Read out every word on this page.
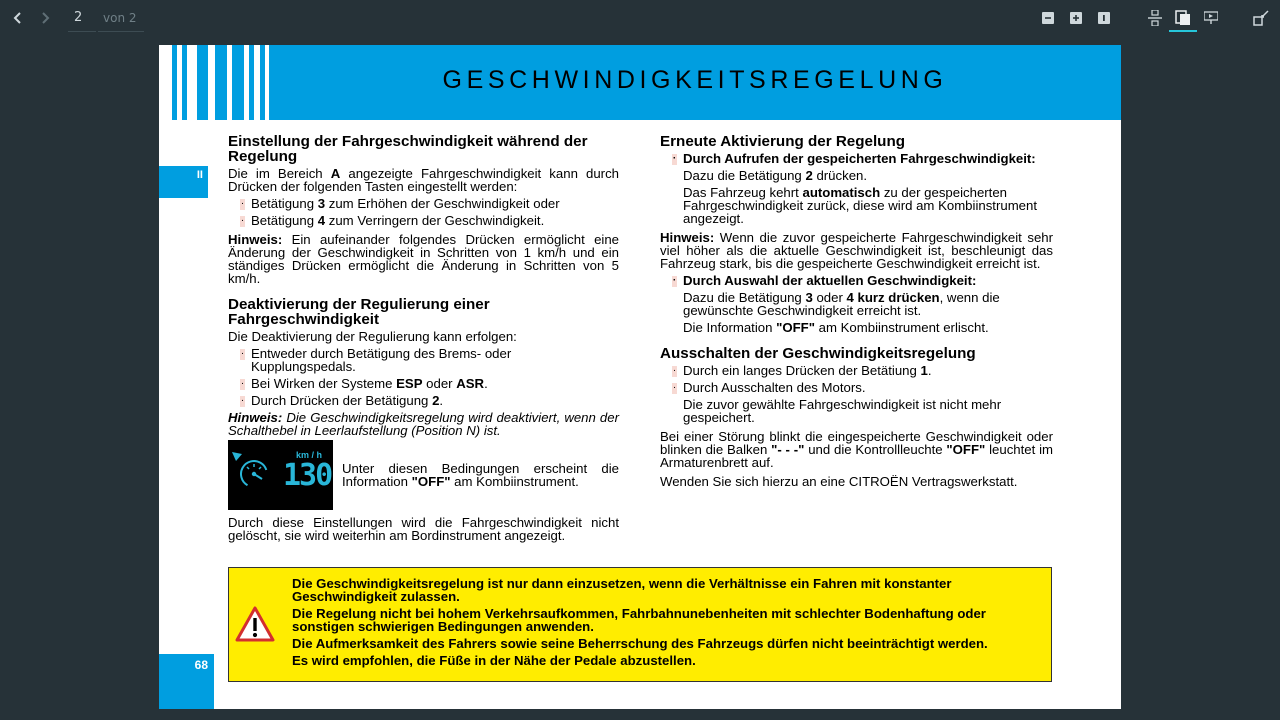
2	von 2
GESCHWINDIGKEITSREGELUNG
II
68
Einstellung der Fahrgeschwindigkeit während der Regelung

Die im Bereich A angezeigte Fahrgeschwindigkeit kann durch Drücken der folgenden Tasten eingestellt werden:

· Betätigung 3 zum Erhöhen der Geschwindigkeit oder

· Betätigung 4 zum Verringern der Geschwindigkeit.

Hinweis: Ein aufeinander folgendes Drücken ermöglicht eine Änderung der Geschwindigkeit in Schritten von 1 km/h und ein ständiges Drücken ermöglicht die Änderung in Schritten von 5 km/h.

Deaktivierung der Regulierung einer Fahrgeschwindigkeit

Die Deaktivierung der Regulierung kann erfolgen:

· Entweder durch Betätigung des Brems- oder Kupplungspedals.

· Bei Wirken der Systeme ESP oder ASR.

· Durch Drücken der Betätigung 2.

Hinweis: Die Geschwindigkeitsregelung wird deaktiviert, wenn der Schalthebel in Leerlaufstellung (Position N) ist.

km / h
130 Unter diesen Bedingungen erscheint die Information "OFF" am Kombiinstrument.

Durch diese Einstellungen wird die Fahrgeschwindigkeit nicht gelöscht, sie wird weiterhin am Bordinstrument angezeigt.

Erneute Aktivierung der Regelung

· Durch Aufrufen der gespeicherten Fahrgeschwindigkeit:

Dazu die Betätigung 2 drücken.

Das Fahrzeug kehrt automatisch zu der gespeicherten Fahrgeschwindigkeit zurück, diese wird am Kombiinstrument angezeigt.

Hinweis: Wenn die zuvor gespeicherte Fahrgeschwindigkeit sehr viel höher als die aktuelle Geschwindigkeit ist, beschleunigt das Fahrzeug stark, bis die gespeicherte Geschwindigkeit erreicht ist.

· Durch Auswahl der aktuellen Geschwindigkeit:

Dazu die Betätigung 3 oder 4 kurz drücken, wenn die gewünschte Geschwindigkeit erreicht ist.

Die Information "OFF" am Kombiinstrument erlischt.

Ausschalten der Geschwindigkeitsregelung

· Durch ein langes Drücken der Betätiung 1.

· Durch Ausschalten des Motors.

Die zuvor gewählte Fahrgeschwindigkeit ist nicht mehr gespeichert.

Bei einer Störung blinkt die eingespeicherte Geschwindigkeit oder blinken die Balken "- - -" und die Kontrollleuchte "OFF" leuchtet im Armaturenbrett auf.

Wenden Sie sich hierzu an eine CITROËN Vertragswerkstatt.

Die Geschwindigkeitsregelung ist nur dann einzusetzen, wenn die Verhältnisse ein Fahren mit konstanter Geschwindigkeit zulassen.

Die Regelung nicht bei hohem Verkehrsaufkommen, Fahrbahnunebenheiten mit schlechter Bodenhaftung oder sonstigen schwierigen Bedingungen anwenden.

Die Aufmerksamkeit des Fahrers sowie seine Beherrschung des Fahrzeugs dürfen nicht beeinträchtigt werden.

Es wird empfohlen, die Füße in der Nähe der Pedale abzustellen.
